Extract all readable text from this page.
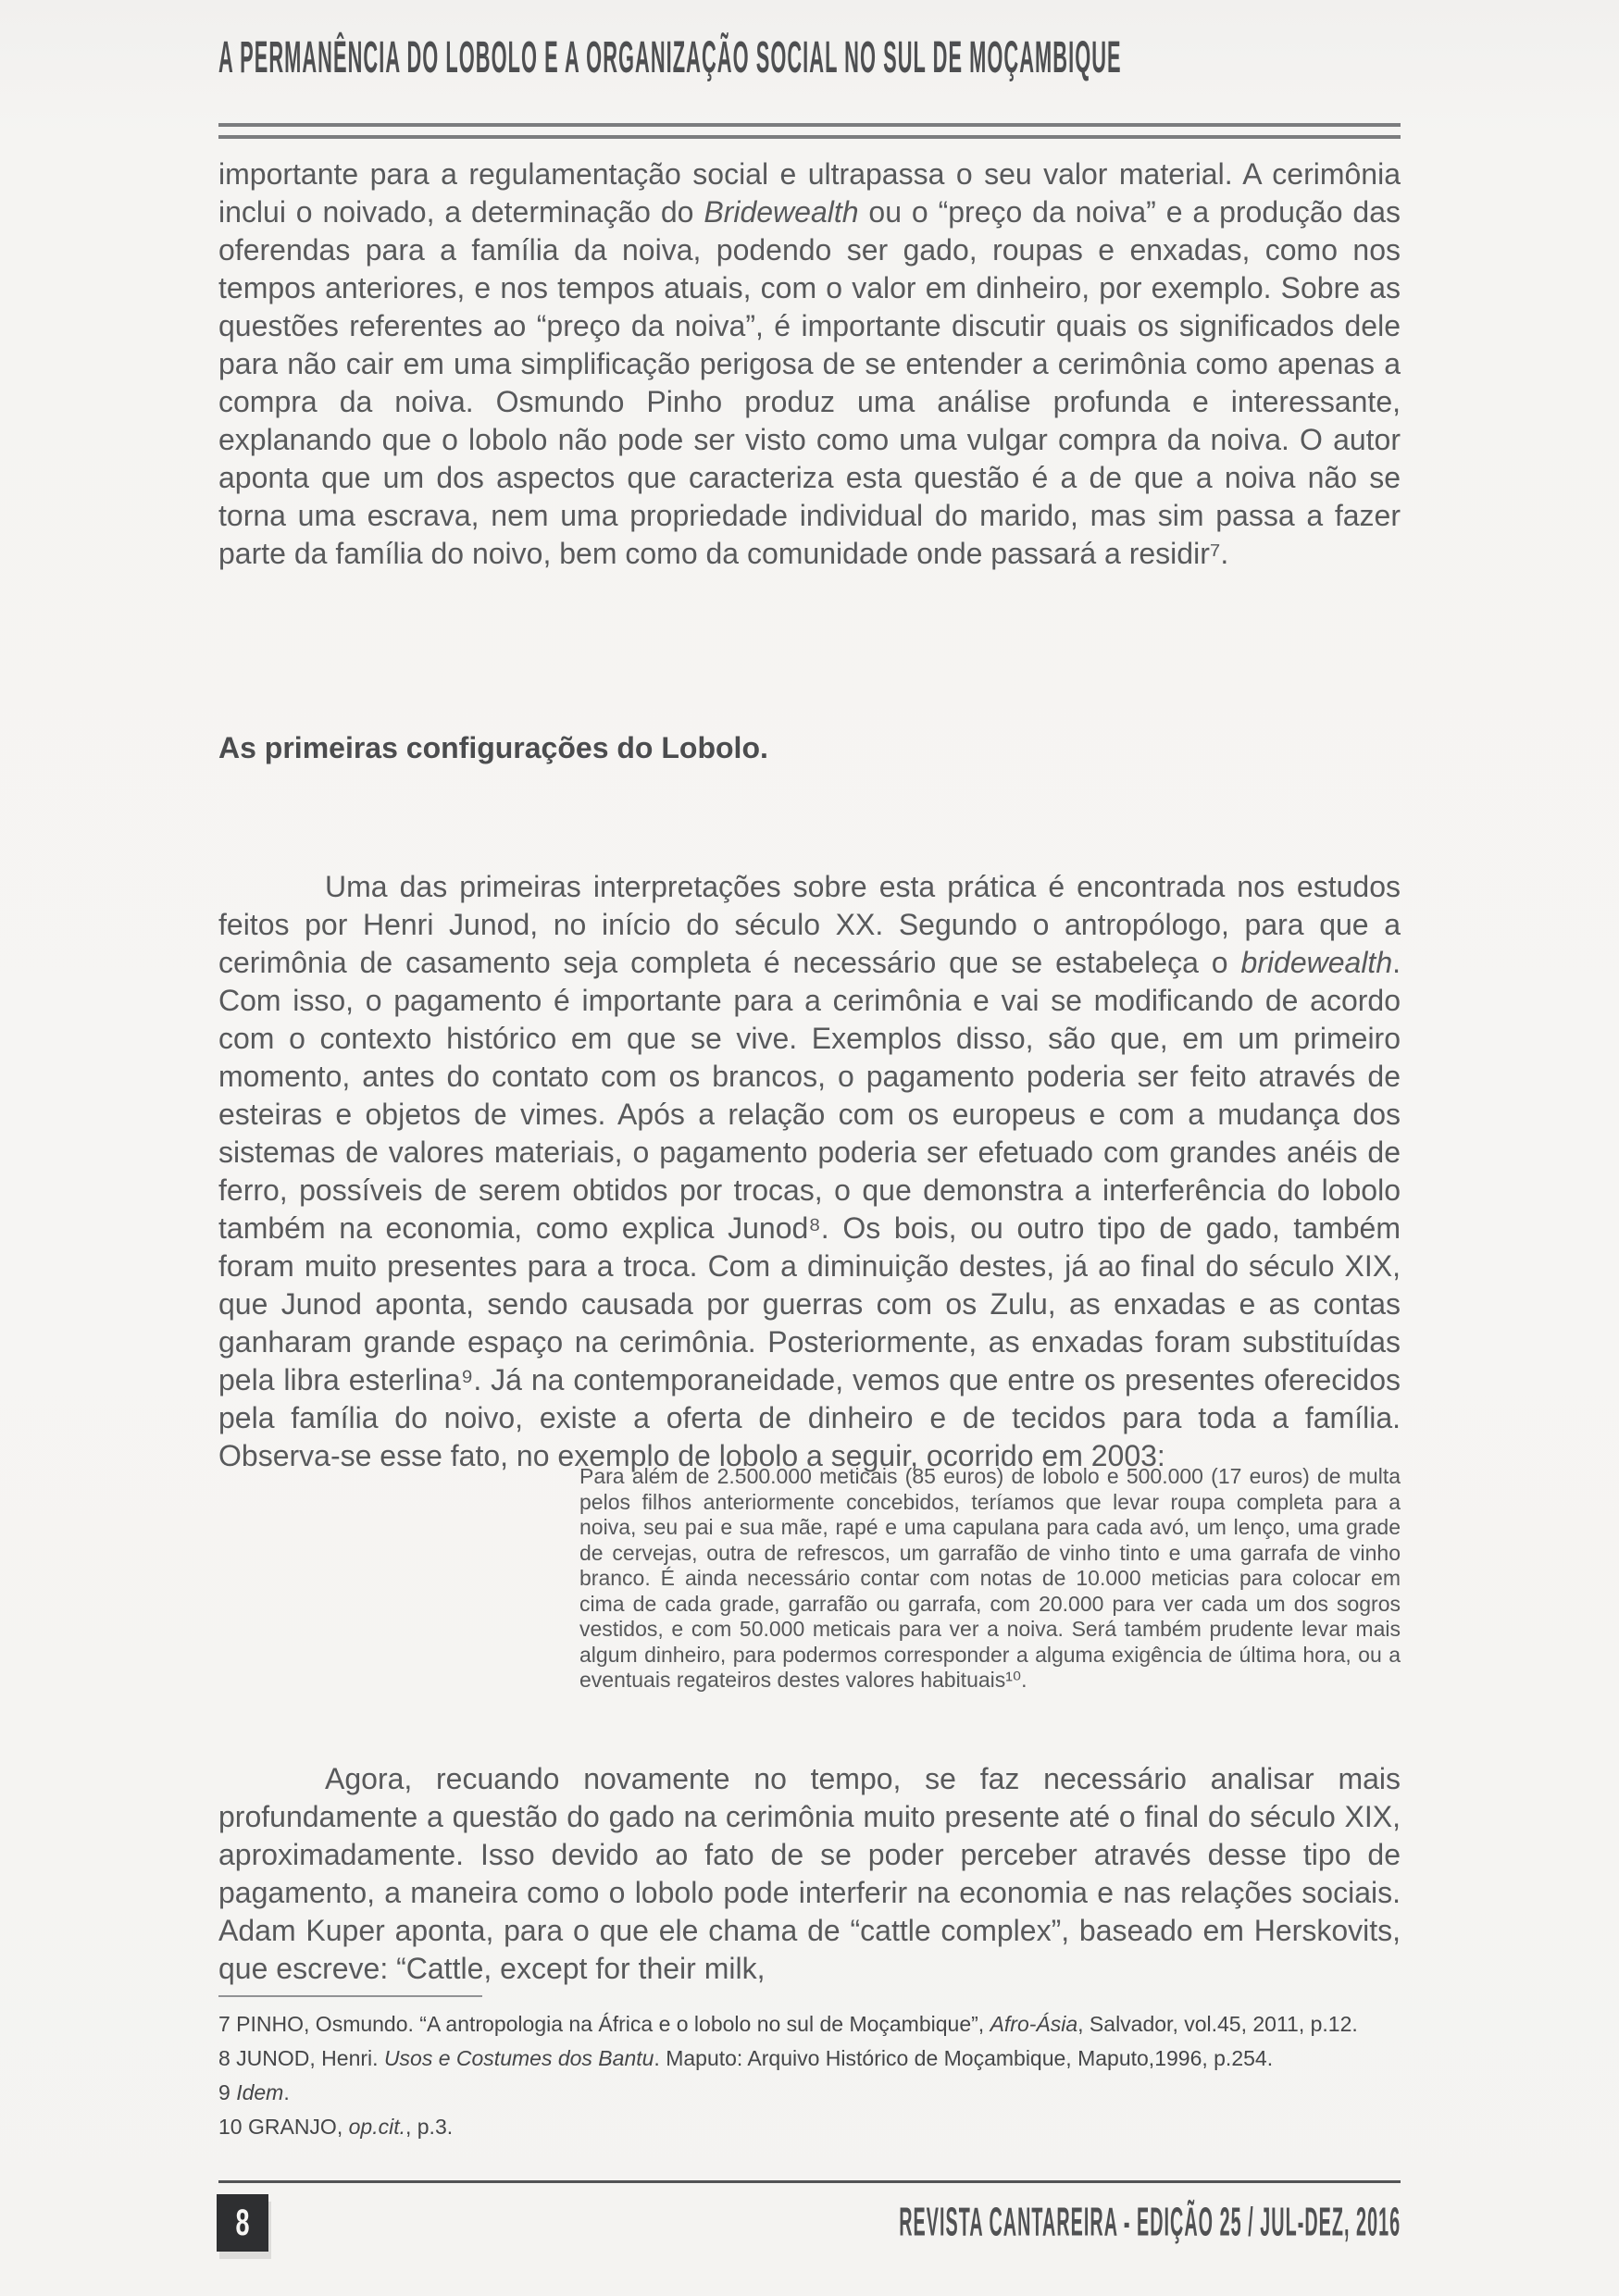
A PERMANÊNCIA DO LOBOLO E A ORGANIZAÇÃO SOCIAL NO SUL DE MOÇAMBIQUE

importante para a regulamentação social e ultrapassa o seu valor material. A cerimônia inclui o noivado, a determinação do Bridewealth ou o “preço da noiva” e a produção das oferendas para a família da noiva, podendo ser gado, roupas e enxadas, como nos tempos anteriores, e nos tempos atuais, com o valor em dinheiro, por exemplo. Sobre as questões referentes ao “preço da noiva”, é importante discutir quais os significados dele para não cair em uma simplificação perigosa de se entender a cerimônia como apenas a compra da noiva. Osmundo Pinho produz uma análise profunda e interessante, explanando que o lobolo não pode ser visto como uma vulgar compra da noiva. O autor aponta que um dos aspectos que caracteriza esta questão é a de que a noiva não se torna uma escrava, nem uma propriedade individual do marido, mas sim passa a fazer parte da família do noivo, bem como da comunidade onde passará a residir⁷.

As primeiras configurações do Lobolo.

Uma das primeiras interpretações sobre esta prática é encontrada nos estudos feitos por Henri Junod, no início do século XX. Segundo o antropólogo, para que a cerimônia de casamento seja completa é necessário que se estabeleça o bridewealth. Com isso, o pagamento é importante para a cerimônia e vai se modificando de acordo com o contexto histórico em que se vive. Exemplos disso, são que, em um primeiro momento, antes do contato com os brancos, o pagamento poderia ser feito através de esteiras e objetos de vimes. Após a relação com os europeus e com a mudança dos sistemas de valores materiais, o pagamento poderia ser efetuado com grandes anéis de ferro, possíveis de serem obtidos por trocas, o que demonstra a interferência do lobolo também na economia, como explica Junod⁸. Os bois, ou outro tipo de gado, também foram muito presentes para a troca. Com a diminuição destes, já ao final do século XIX, que Junod aponta, sendo causada por guerras com os Zulu, as enxadas e as contas ganharam grande espaço na cerimônia. Posteriormente, as enxadas foram substituídas pela libra esterlina⁹. Já na contemporaneidade, vemos que entre os presentes oferecidos pela família do noivo, existe a oferta de dinheiro e de tecidos para toda a família. Observa-se esse fato, no exemplo de lobolo a seguir, ocorrido em 2003:

Para além de 2.500.000 meticais (85 euros) de lobolo e 500.000 (17 euros) de multa pelos filhos anteriormente concebidos, teríamos que levar roupa completa para a noiva, seu pai e sua mãe, rapé e uma capulana para cada avó, um lenço, uma grade de cervejas, outra de refrescos, um garrafão de vinho tinto e uma garrafa de vinho branco. É ainda necessário contar com notas de 10.000 meticias para colocar em cima de cada grade, garrafão ou garrafa, com 20.000 para ver cada um dos sogros vestidos, e com 50.000 meticais para ver a noiva. Será também prudente levar mais algum dinheiro, para podermos corresponder a alguma exigência de última hora, ou a eventuais regateiros destes valores habituais¹⁰.

Agora, recuando novamente no tempo, se faz necessário analisar mais profundamente a questão do gado na cerimônia muito presente até o final do século XIX, aproximadamente. Isso devido ao fato de se poder perceber através desse tipo de pagamento, a maneira como o lobolo pode interferir na economia e nas relações sociais. Adam Kuper aponta, para o que ele chama de “cattle complex”, baseado em Herskovits, que escreve: “Cattle, except for their milk,

7 PINHO, Osmundo. “A antropologia na África e o lobolo no sul de Moçambique”, Afro-Ásia, Salvador, vol.45, 2011, p.12.

8 JUNOD, Henri. Usos e Costumes dos Bantu. Maputo: Arquivo Histórico de Moçambique, Maputo,1996, p.254.

9 Idem.

10 GRANJO, op.cit., p.3.

8	REVISTA CANTAREIRA - EDIÇÃO 25 / JUL-DEZ, 2016
